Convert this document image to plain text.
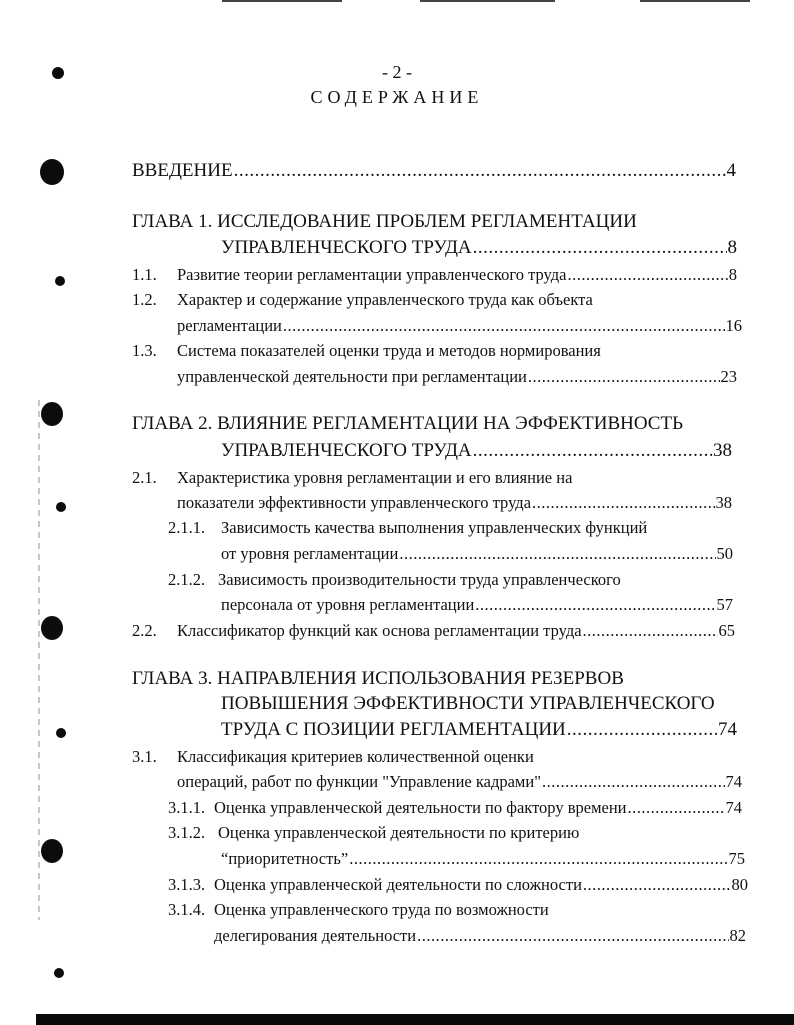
- 2 -
СОДЕРЖАНИЕ
ВВЕДЕНИЕ .....	4
ГЛАВА 1. ИССЛЕДОВАНИЕ ПРОБЛЕМ РЕГЛАМЕНТАЦИИ
УПРАВЛЕНЧЕСКОГО ТРУДА .....	8
1.1. Развитие теории регламентации управленческого труда .....	8
1.2. Характер и содержание управленческого труда как объекта
регламентации .....	16
1.3. Система показателей оценки труда и методов нормирования
управленческой деятельности при регламентации .....	23
ГЛАВА 2. ВЛИЯНИЕ РЕГЛАМЕНТАЦИИ НА ЭФФЕКТИВНОСТЬ
УПРАВЛЕНЧЕСКОГО ТРУДА .....	38
2.1. Характеристика уровня регламентации и его влияние на
показатели эффективности управленческого труда .....	38
2.1.1. Зависимость качества выполнения управленческих функций
от уровня регламентации .....	50
2.1.2. Зависимость производительности труда управленческого
персонала от уровня регламентации .....	57
2.2. Классификатор функций как основа регламентации труда .....	65
ГЛАВА 3. НАПРАВЛЕНИЯ ИСПОЛЬЗОВАНИЯ РЕЗЕРВОВ
ПОВЫШЕНИЯ ЭФФЕКТИВНОСТИ УПРАВЛЕНЧЕСКОГО
ТРУДА С ПОЗИЦИИ РЕГЛАМЕНТАЦИИ .....	74
3.1. Классификация критериев количественной оценки
операций, работ по функции "Управление кадрами" .....	74
3.1.1. Оценка управленческой деятельности по фактору времени .....	74
3.1.2. Оценка управленческой деятельности по критерию
“приоритетность” .....	75
3.1.3. Оценка управленческой деятельности по сложности .....	80
3.1.4. Оценка управленческого труда по возможности
делегирования деятельности .....	82
